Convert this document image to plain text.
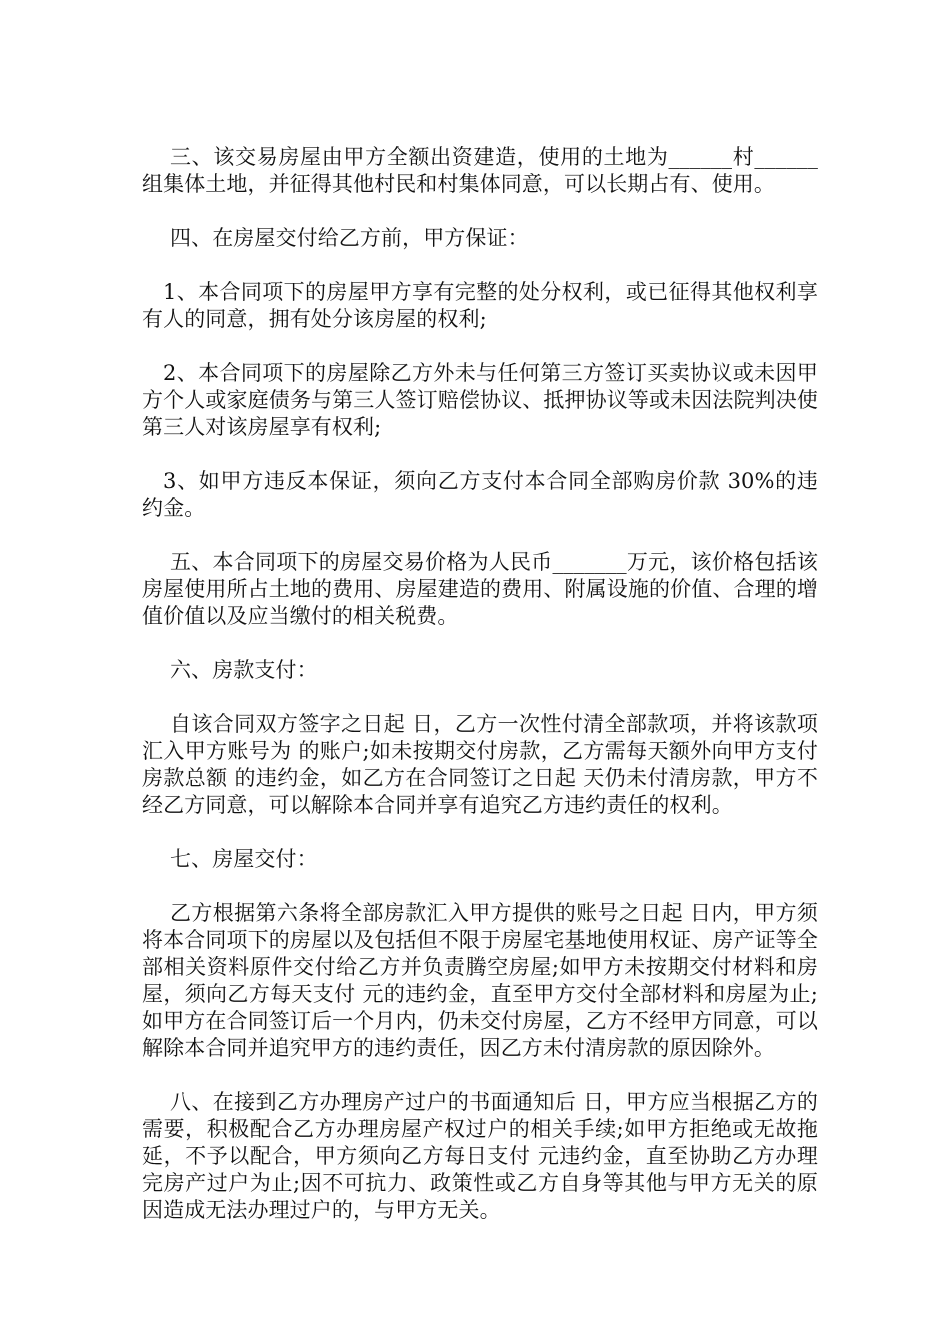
三、该交易房屋由甲方全额出资建造，使用的土地为______村______组集体土地，并征得其他村民和村集体同意，可以长期占有、使用。

四、在房屋交付给乙方前，甲方保证：

1、本合同项下的房屋甲方享有完整的处分权利，或已征得其他权利享有人的同意，拥有处分该房屋的权利;

2、本合同项下的房屋除乙方外未与任何第三方签订买卖协议或未因甲方个人或家庭债务与第三人签订赔偿协议、抵押协议等或未因法院判决使第三人对该房屋享有权利;

3、如甲方违反本保证，须向乙方支付本合同全部购房价款 30%的违约金。

五、本合同项下的房屋交易价格为人民币_______万元，该价格包括该房屋使用所占土地的费用、房屋建造的费用、附属设施的价值、合理的增值价值以及应当缴付的相关税费。

六、房款支付：

自该合同双方签字之日起 日，乙方一次性付清全部款项，并将该款项汇入甲方账号为 的账户;如未按期交付房款，乙方需每天额外向甲方支付房款总额 的违约金，如乙方在合同签订之日起 天仍未付清房款，甲方不经乙方同意，可以解除本合同并享有追究乙方违约责任的权利。

七、房屋交付：

乙方根据第六条将全部房款汇入甲方提供的账号之日起 日内，甲方须将本合同项下的房屋以及包括但不限于房屋宅基地使用权证、房产证等全部相关资料原件交付给乙方并负责腾空房屋;如甲方未按期交付材料和房屋，须向乙方每天支付 元的违约金，直至甲方交付全部材料和房屋为止;如甲方在合同签订后一个月内，仍未交付房屋，乙方不经甲方同意，可以解除本合同并追究甲方的违约责任，因乙方未付清房款的原因除外。

八、在接到乙方办理房产过户的书面通知后 日，甲方应当根据乙方的需要，积极配合乙方办理房屋产权过户的相关手续;如甲方拒绝或无故拖延，不予以配合，甲方须向乙方每日支付 元违约金，直至协助乙方办理完房产过户为止;因不可抗力、政策性或乙方自身等其他与甲方无关的原因造成无法办理过户的，与甲方无关。
